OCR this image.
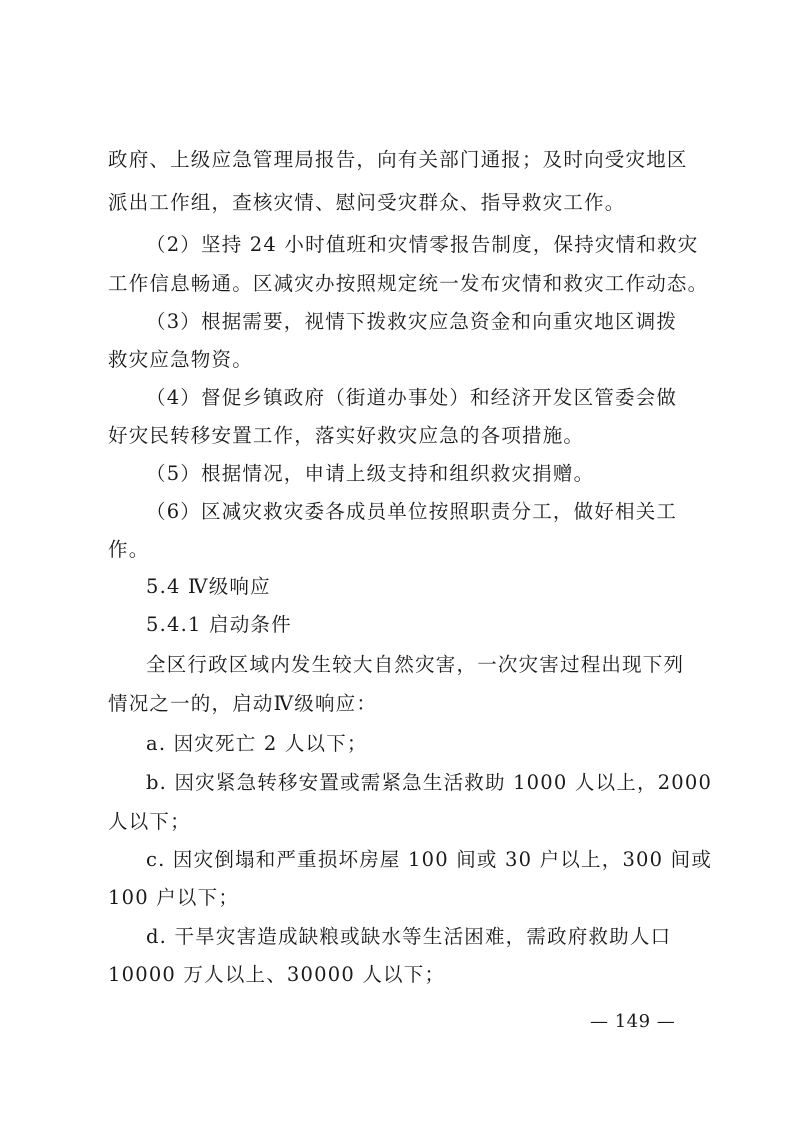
政府、上级应急管理局报告，向有关部门通报；及时向受灾地区
派出工作组，查核灾情、慰问受灾群众、指导救灾工作。
（2）坚持 24 小时值班和灾情零报告制度，保持灾情和救灾
工作信息畅通。区减灾办按照规定统一发布灾情和救灾工作动态。
（3）根据需要，视情下拨救灾应急资金和向重灾地区调拨
救灾应急物资。
（4）督促乡镇政府（街道办事处）和经济开发区管委会做
好灾民转移安置工作，落实好救灾应急的各项措施。
（5）根据情况，申请上级支持和组织救灾捐赠。
（6）区减灾救灾委各成员单位按照职责分工，做好相关工
作。
5.4 Ⅳ级响应
5.4.1 启动条件
全区行政区域内发生较大自然灾害，一次灾害过程出现下列
情况之一的，启动Ⅳ级响应：
a. 因灾死亡 2 人以下；
b. 因灾紧急转移安置或需紧急生活救助 1000 人以上，2000
人以下；
c. 因灾倒塌和严重损坏房屋 100 间或 30 户以上，300 间或
100 户以下；
d. 干旱灾害造成缺粮或缺水等生活困难，需政府救助人口
10000 万人以上、30000 人以下；
— 149 —
